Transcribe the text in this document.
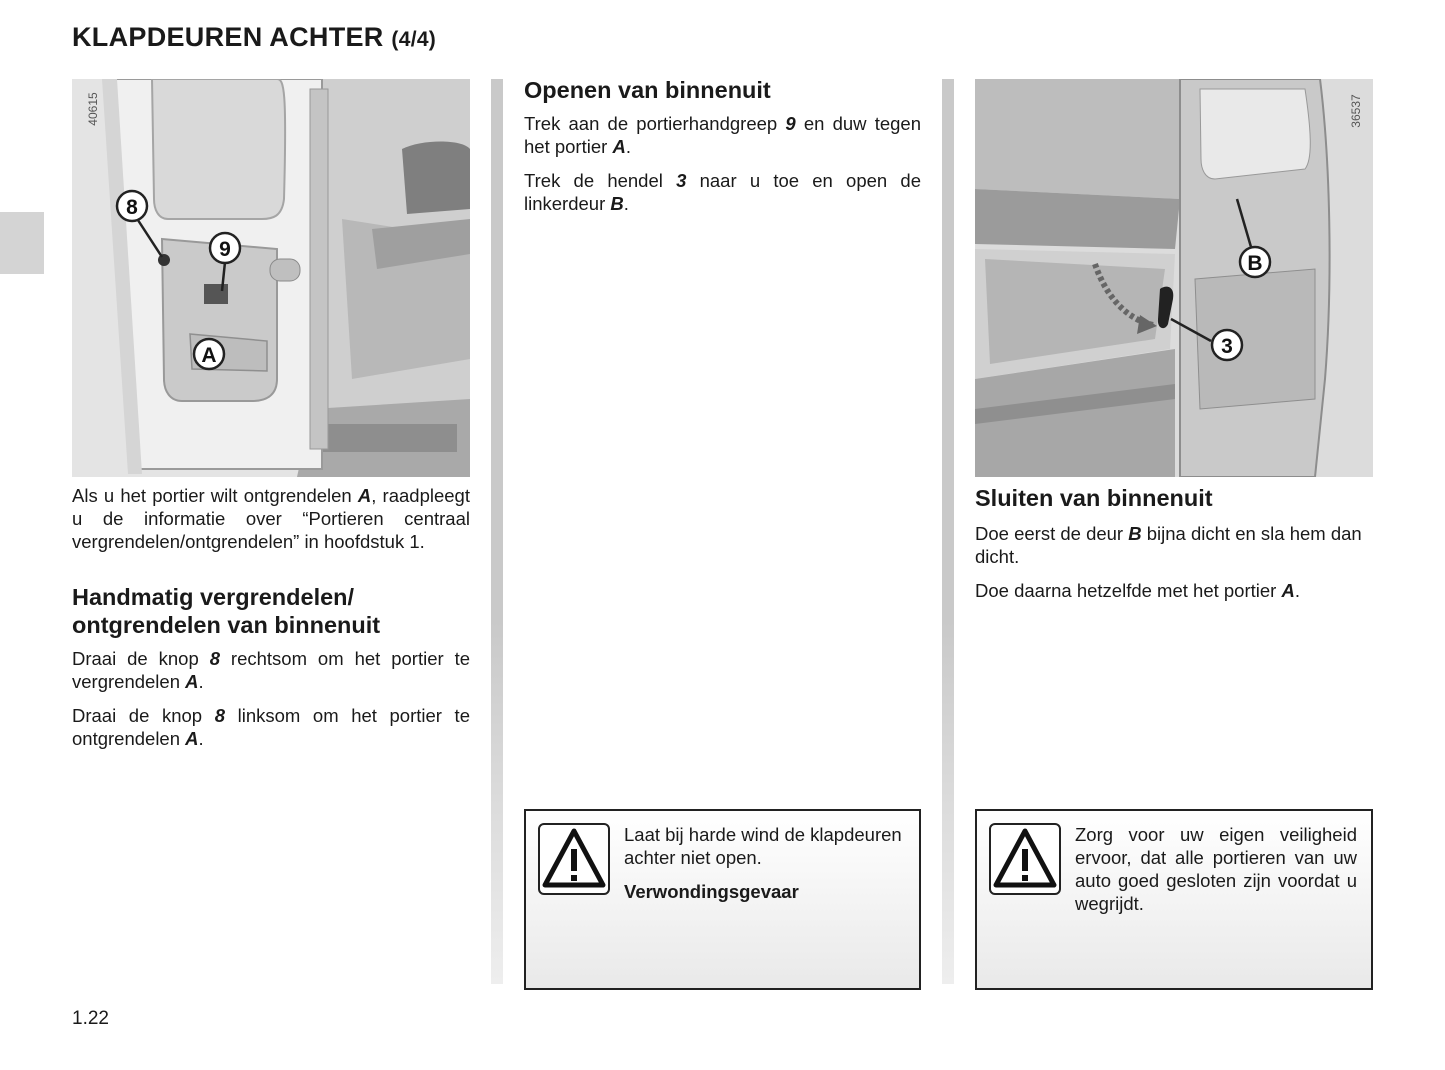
KLAPDEUREN ACHTER (4/4)
8
9
A
40615

Als u het portier wilt ontgrendelen A, raadpleegt u de informatie over “Portieren centraal vergrendelen/ontgrendelen” in hoofdstuk 1.

Handmatig vergrendelen/
ontgrendelen van binnenuit

Draai de knop 8 rechtsom om het portier te vergrendelen A.

Draai de knop 8 linksom om het portier te ontgrendelen A.

Openen van binnenuit

Trek aan de portierhandgreep 9 en duw tegen het portier A.

Trek de hendel 3 naar u toe en open de linkerdeur B.

Laat bij harde wind de klapdeuren achter niet open.

Verwondingsgevaar

B
3
36537
Sluiten van binnenuit

Doe eerst de deur B bijna dicht en sla hem dan dicht.

Doe daarna hetzelfde met het portier A.

Zorg voor uw eigen veiligheid ervoor, dat alle portieren van uw auto goed gesloten zijn voordat u wegrijdt.

1.22
